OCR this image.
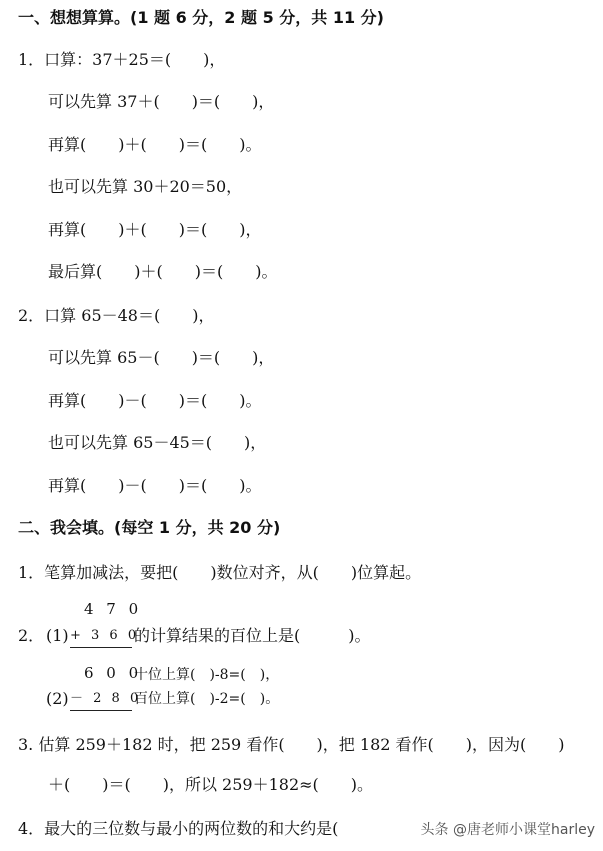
一、想想算算。(1 题 6 分，2 题 5 分，共 11 分)
1．口算：37＋25＝(　　)，
可以先算 37＋(　　)＝(　　)，
再算(　　)＋(　　)＝(　　)。
也可以先算 30＋20＝50，
再算(　　)＋(　　)＝(　　)，
最后算(　　)＋(　　)＝(　　)。
2．口算 65－48＝(　　)，
可以先算 65－(　　)＝(　　)，
再算(　　)－(　　)＝(　　)。
也可以先算 65－45＝(　　)，
再算(　　)－(　　)＝(　　)。
二、我会填。(每空 1 分，共 20 分)
1．笔算加减法，要把(　　)数位对齐，从(　　)位算起。
4 7 0
2． (1) + 3 6 0
的计算结果的百位上是(　　　)。
6 0 0
十位上算(　)-8=(　)，
(2) － 2 8 0
百位上算(　)-2=(　)。
3. 估算 259＋182 时，把 259 看作(　　)，把 182 看作(　　)，因为(　　)
＋(　　)＝(　　)，所以 259＋182≈(　　)。
4．最大的三位数与最小的两位数的和大约是(	头条 @唐老师小课堂harley
